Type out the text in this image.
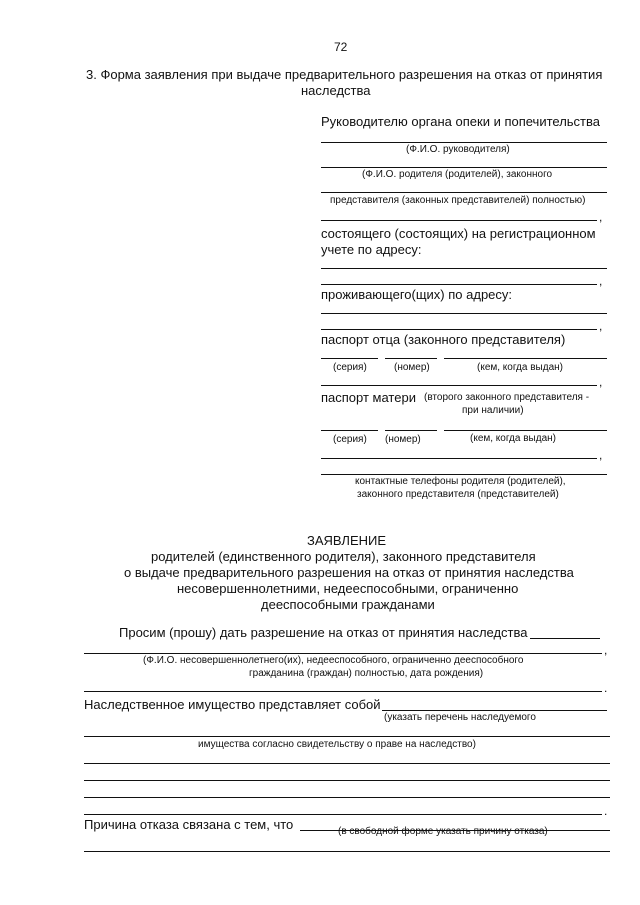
72
3. Форма заявления при выдаче предварительного разрешения на отказ от принятия
наследства
Руководителю органа опеки и попечительства
(Ф.И.О. руководителя)
(Ф.И.О. родителя (родителей), законного
представителя (законных представителей) полностью)
,
состоящего (состоящих) на регистрационном
учете по адресу:
,
проживающего(щих) по адресу:
,
паспорт отца (законного представителя)
(серия)	(номер)	(кем, когда выдан)
,
паспорт матери (второго законного представителя -
при наличии)
(серия) (номер)	(кем, когда выдан)
,
контактные телефоны родителя (родителей),
законного представителя (представителей)
ЗАЯВЛЕНИЕ
родителей (единственного родителя), законного представителя
о выдаче предварительного разрешения на отказ от принятия наследства
несовершеннолетними, недееспособными, ограниченно
дееспособными гражданами
Просим (прошу) дать разрешение на отказ от принятия наследства
,
(Ф.И.О. несовершеннолетнего(их), недееспособного, ограниченно дееспособного
гражданина (граждан) полностью, дата рождения)
.
Наследственное имущество представляет собой
(указать перечень наследуемого
имущества согласно свидетельству о праве на наследство)
.
Причина отказа связана с тем, что	(в свободной форме указать причину отказа)
